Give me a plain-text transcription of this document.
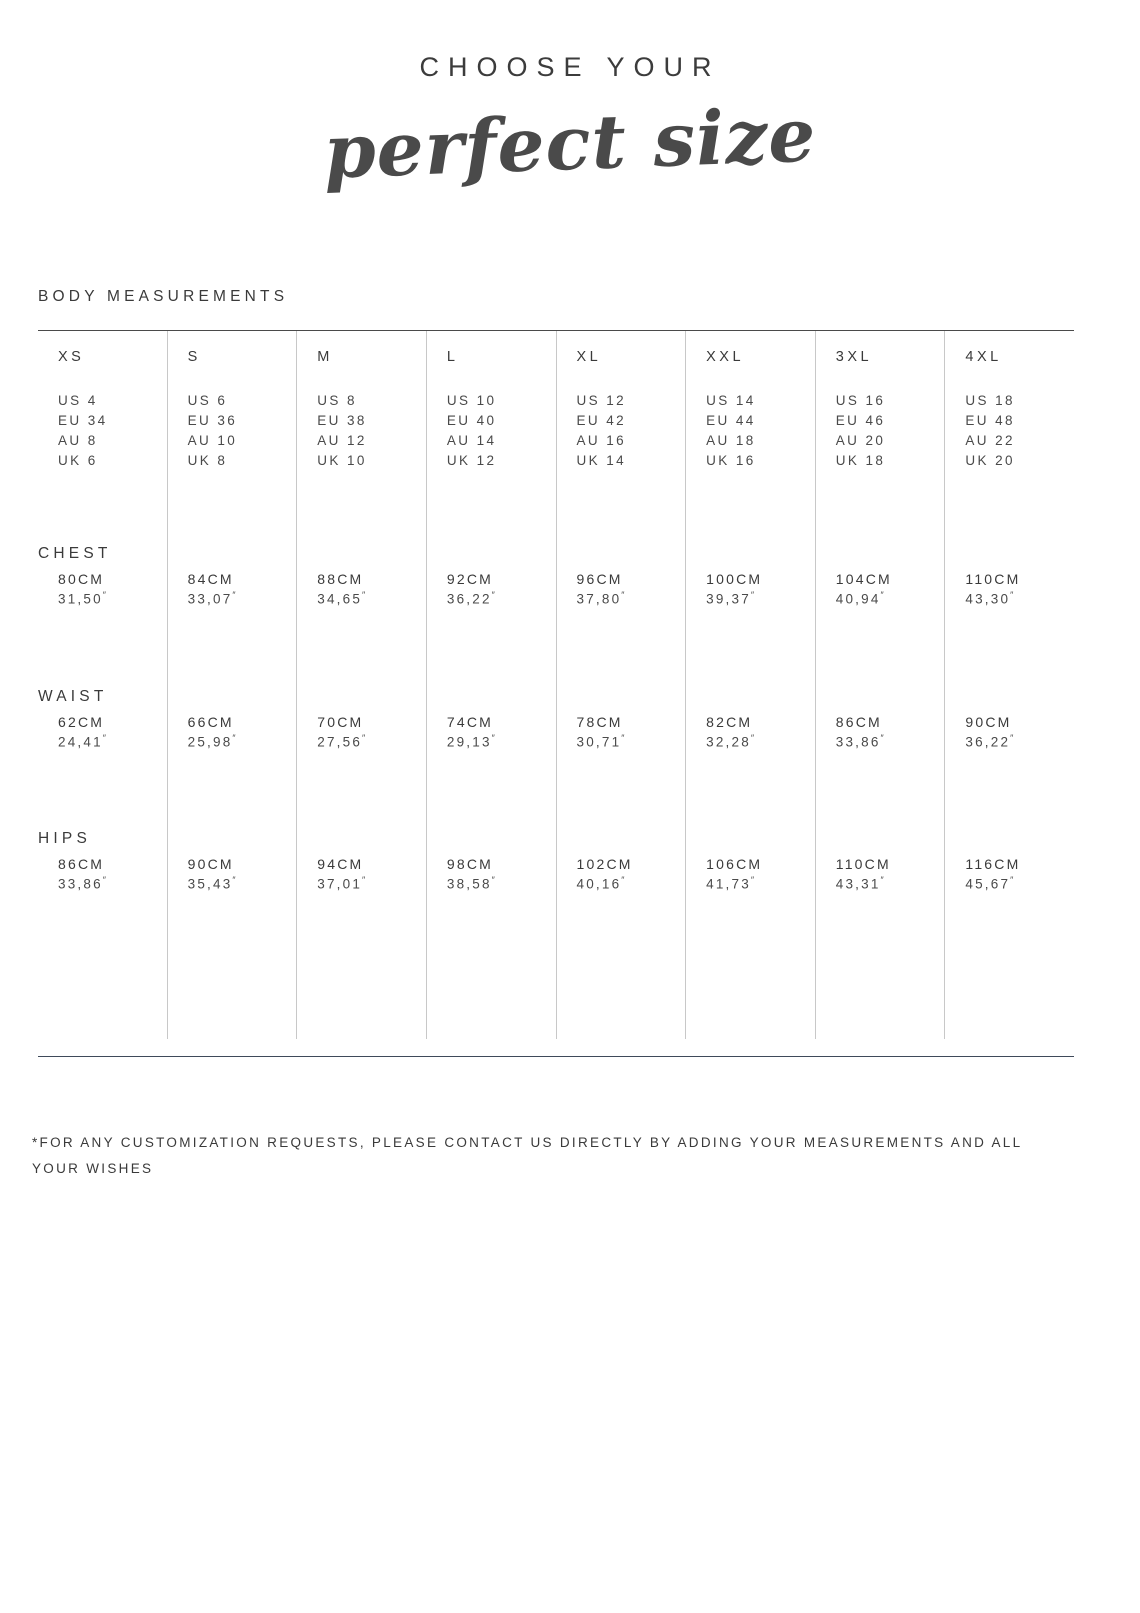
CHOOSE YOUR
perfect size
BODY MEASUREMENTS
80CM
31,50″
62CM
24,41″
86CM
33,86″
XS
US 4
EU 34
AU 8
UK 6
84CM
33,07″
66CM
25,98″
90CM
35,43″
S
US 6
EU 36
AU 10
UK 8
88CM
34,65″
70CM
27,56″
94CM
37,01″
M
US 8
EU 38
AU 12
UK 10
92CM
36,22″
74CM
29,13″
98CM
38,58″
L
US 10
EU 40
AU 14
UK 12
96CM
37,80″
78CM
30,71″
102CM
40,16″
XL
US 12
EU 42
AU 16
UK 14
100CM
39,37″
82CM
32,28″
106CM
41,73″
XXL
US 14
EU 44
AU 18
UK 16
104CM
40,94″
86CM
33,86″
110CM
43,31″
3XL
US 16
EU 46
AU 20
UK 18
110CM
43,30″
90CM
36,22″
116CM
45,67″
4XL
US 18
EU 48
AU 22
UK 20
CHEST
WAIST
HIPS
*FOR ANY CUSTOMIZATION REQUESTS, PLEASE CONTACT US DIRECTLY BY ADDING YOUR MEASUREMENTS AND ALL YOUR WISHES
